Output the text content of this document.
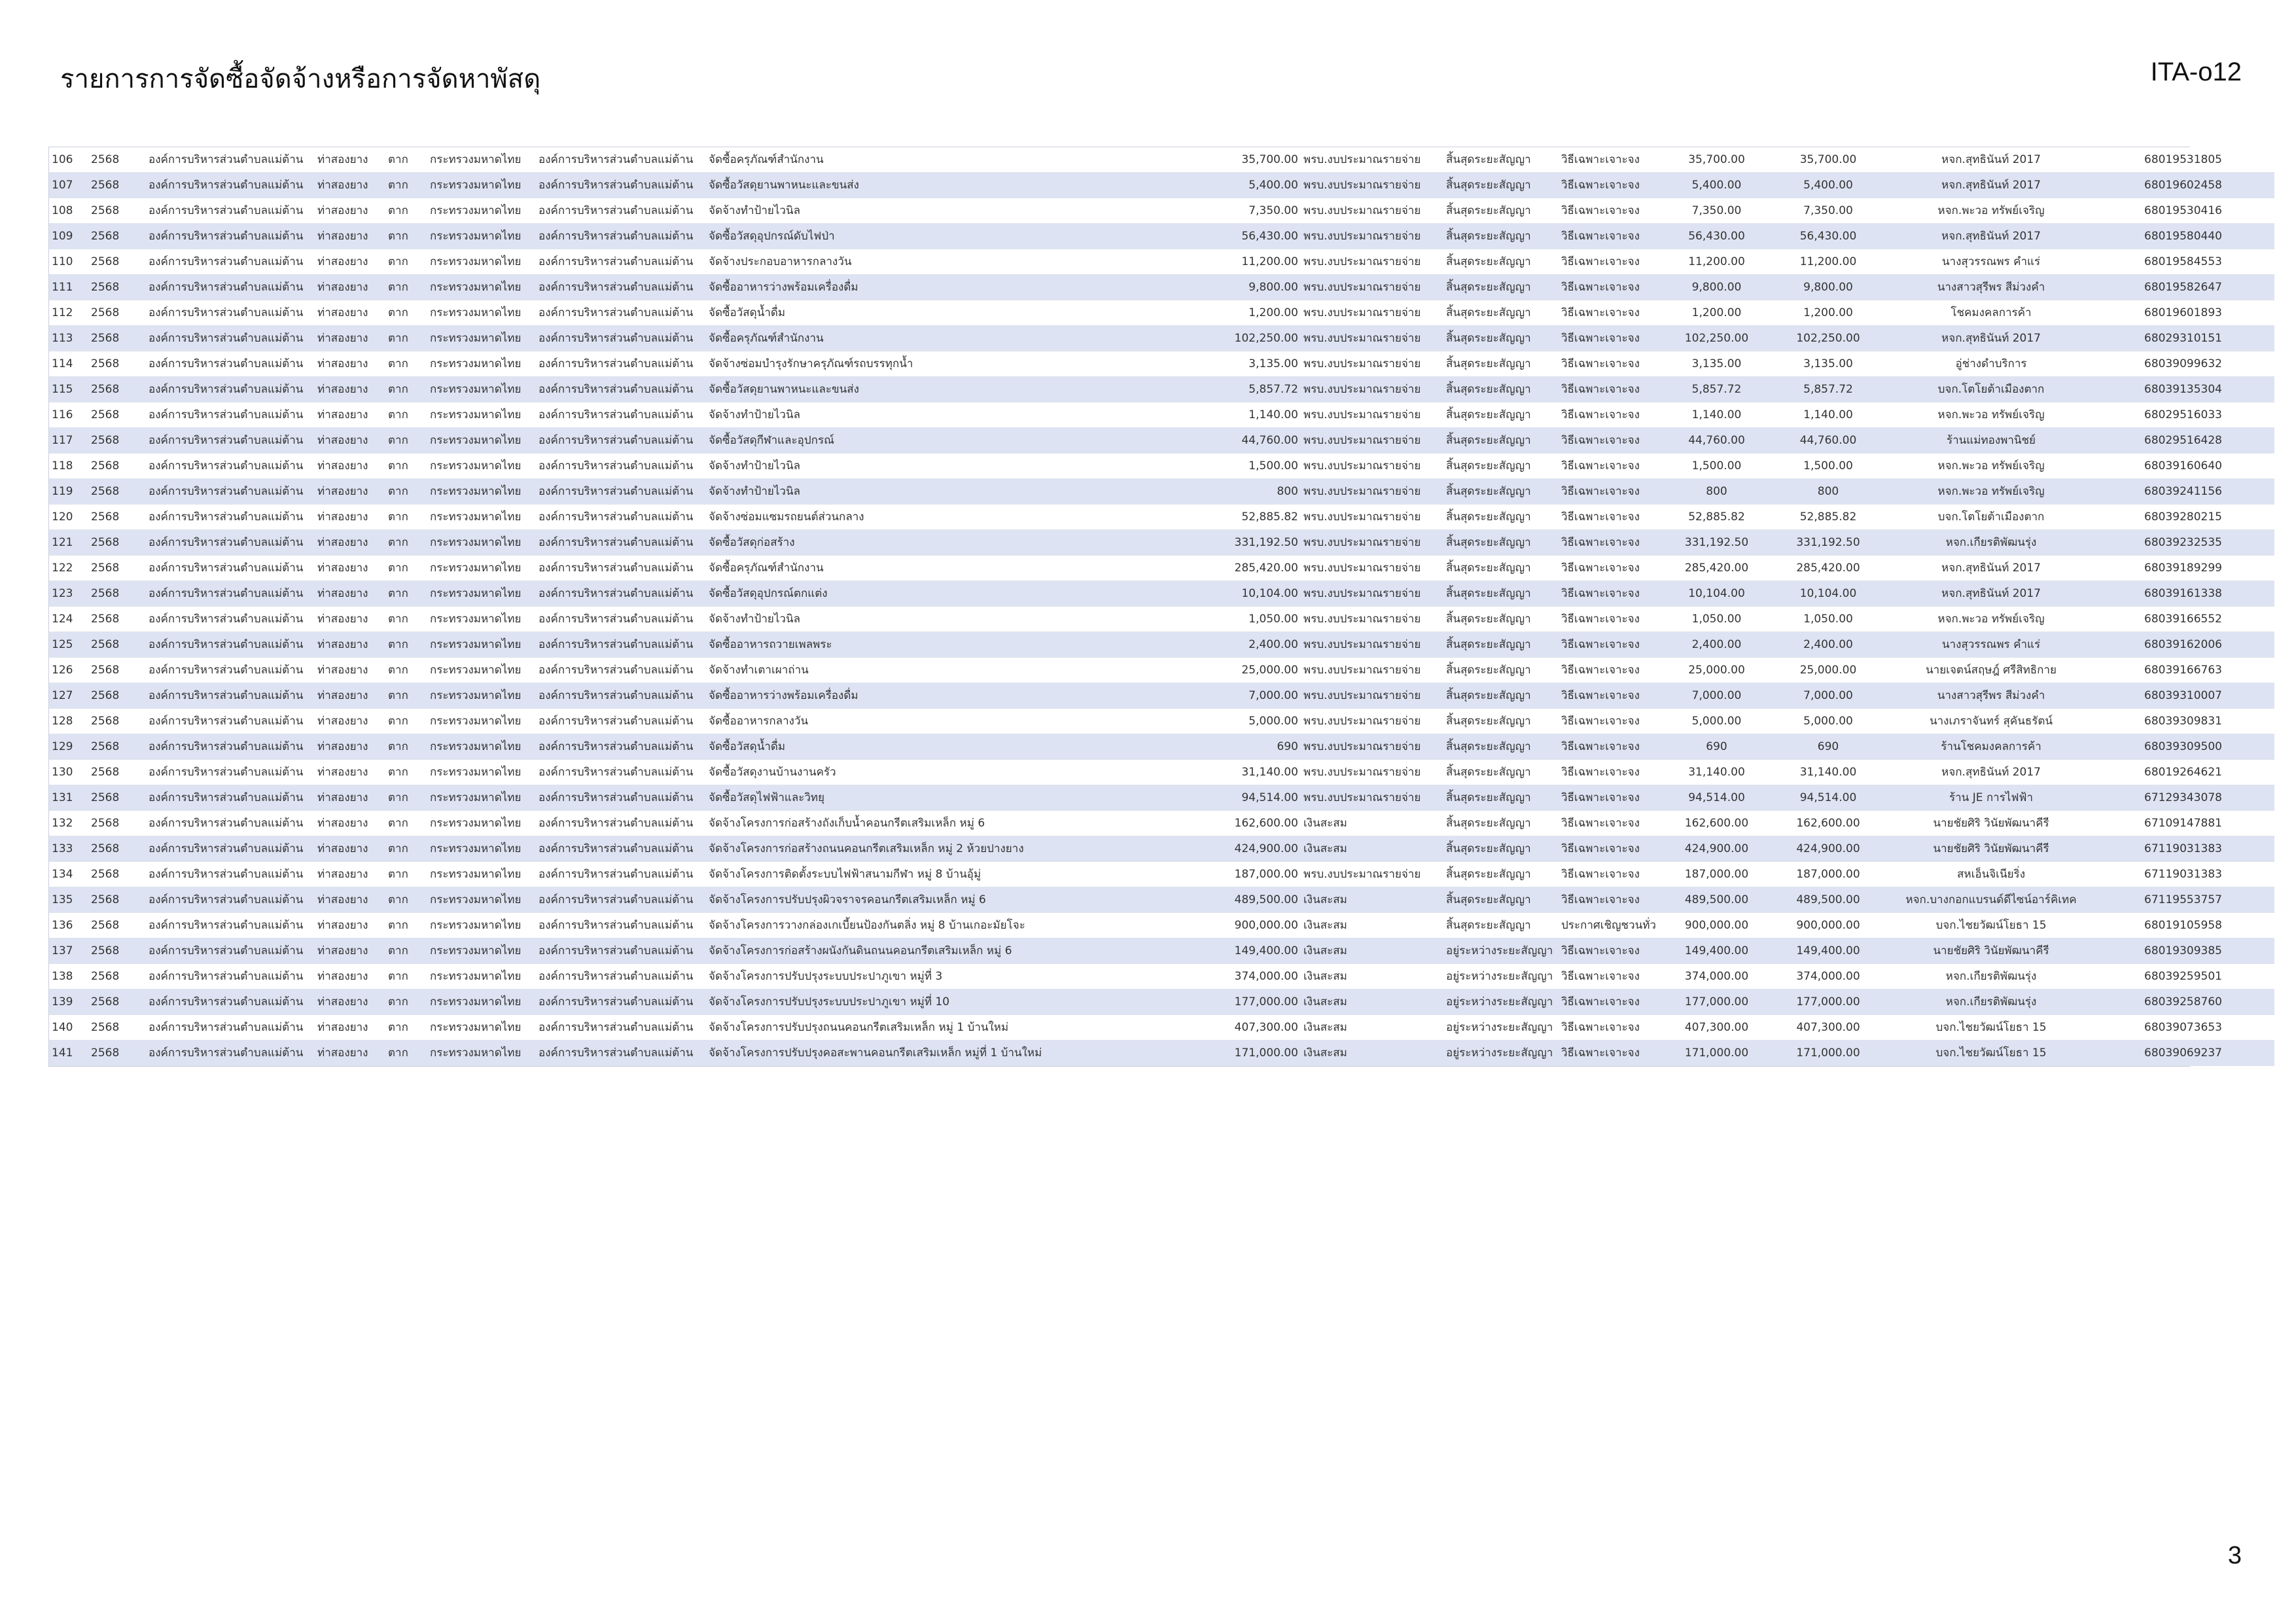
รายการการจัดซื้อจัดจ้างหรือการจัดหาพัสดุ	ITA-o12
106	2568	องค์การบริหารส่วนตำบลแม่ต้าน	ท่าสองยาง	ตาก	กระทรวงมหาดไทย	องค์การบริหารส่วนตำบลแม่ต้าน	จัดซื้อครุภัณฑ์สำนักงาน	35,700.00	พรบ.งบประมาณรายจ่าย	สิ้นสุดระยะสัญญา	วิธีเฉพาะเจาะจง	35,700.00	35,700.00	หจก.สุทธินันท์ 2017	68019531805
107	2568	องค์การบริหารส่วนตำบลแม่ต้าน	ท่าสองยาง	ตาก	กระทรวงมหาดไทย	องค์การบริหารส่วนตำบลแม่ต้าน	จัดซื้อวัสดุยานพาหนะและขนส่ง	5,400.00	พรบ.งบประมาณรายจ่าย	สิ้นสุดระยะสัญญา	วิธีเฉพาะเจาะจง	5,400.00	5,400.00	หจก.สุทธินันท์ 2017	68019602458
108	2568	องค์การบริหารส่วนตำบลแม่ต้าน	ท่าสองยาง	ตาก	กระทรวงมหาดไทย	องค์การบริหารส่วนตำบลแม่ต้าน	จัดจ้างทำป้ายไวนิล	7,350.00	พรบ.งบประมาณรายจ่าย	สิ้นสุดระยะสัญญา	วิธีเฉพาะเจาะจง	7,350.00	7,350.00	หจก.พะวอ ทรัพย์เจริญ	68019530416
109	2568	องค์การบริหารส่วนตำบลแม่ต้าน	ท่าสองยาง	ตาก	กระทรวงมหาดไทย	องค์การบริหารส่วนตำบลแม่ต้าน	จัดซื้อวัสดุอุปกรณ์ดับไฟป่า	56,430.00	พรบ.งบประมาณรายจ่าย	สิ้นสุดระยะสัญญา	วิธีเฉพาะเจาะจง	56,430.00	56,430.00	หจก.สุทธินันท์ 2017	68019580440
110	2568	องค์การบริหารส่วนตำบลแม่ต้าน	ท่าสองยาง	ตาก	กระทรวงมหาดไทย	องค์การบริหารส่วนตำบลแม่ต้าน	จัดจ้างประกอบอาหารกลางวัน	11,200.00	พรบ.งบประมาณรายจ่าย	สิ้นสุดระยะสัญญา	วิธีเฉพาะเจาะจง	11,200.00	11,200.00	นางสุวรรณพร คำแร่	68019584553
111	2568	องค์การบริหารส่วนตำบลแม่ต้าน	ท่าสองยาง	ตาก	กระทรวงมหาดไทย	องค์การบริหารส่วนตำบลแม่ต้าน	จัดซื้ออาหารว่างพร้อมเครื่องดื่ม	9,800.00	พรบ.งบประมาณรายจ่าย	สิ้นสุดระยะสัญญา	วิธีเฉพาะเจาะจง	9,800.00	9,800.00	นางสาวสุรีพร สีม่วงคำ	68019582647
112	2568	องค์การบริหารส่วนตำบลแม่ต้าน	ท่าสองยาง	ตาก	กระทรวงมหาดไทย	องค์การบริหารส่วนตำบลแม่ต้าน	จัดซื้อวัสดุน้ำดื่ม	1,200.00	พรบ.งบประมาณรายจ่าย	สิ้นสุดระยะสัญญา	วิธีเฉพาะเจาะจง	1,200.00	1,200.00	โชคมงคลการค้า	68019601893
113	2568	องค์การบริหารส่วนตำบลแม่ต้าน	ท่าสองยาง	ตาก	กระทรวงมหาดไทย	องค์การบริหารส่วนตำบลแม่ต้าน	จัดซื้อครุภัณฑ์สำนักงาน	102,250.00	พรบ.งบประมาณรายจ่าย	สิ้นสุดระยะสัญญา	วิธีเฉพาะเจาะจง	102,250.00	102,250.00	หจก.สุทธินันท์ 2017	68029310151
114	2568	องค์การบริหารส่วนตำบลแม่ต้าน	ท่าสองยาง	ตาก	กระทรวงมหาดไทย	องค์การบริหารส่วนตำบลแม่ต้าน	จัดจ้างซ่อมบำรุงรักษาครุภัณฑ์รถบรรทุกน้ำ	3,135.00	พรบ.งบประมาณรายจ่าย	สิ้นสุดระยะสัญญา	วิธีเฉพาะเจาะจง	3,135.00	3,135.00	อู่ช่างดำบริการ	68039099632
115	2568	องค์การบริหารส่วนตำบลแม่ต้าน	ท่าสองยาง	ตาก	กระทรวงมหาดไทย	องค์การบริหารส่วนตำบลแม่ต้าน	จัดซื้อวัสดุยานพาหนะและขนส่ง	5,857.72	พรบ.งบประมาณรายจ่าย	สิ้นสุดระยะสัญญา	วิธีเฉพาะเจาะจง	5,857.72	5,857.72	บจก.โตโยต้าเมืองตาก	68039135304
116	2568	องค์การบริหารส่วนตำบลแม่ต้าน	ท่าสองยาง	ตาก	กระทรวงมหาดไทย	องค์การบริหารส่วนตำบลแม่ต้าน	จัดจ้างทำป้ายไวนิล	1,140.00	พรบ.งบประมาณรายจ่าย	สิ้นสุดระยะสัญญา	วิธีเฉพาะเจาะจง	1,140.00	1,140.00	หจก.พะวอ ทรัพย์เจริญ	68029516033
117	2568	องค์การบริหารส่วนตำบลแม่ต้าน	ท่าสองยาง	ตาก	กระทรวงมหาดไทย	องค์การบริหารส่วนตำบลแม่ต้าน	จัดซื้อวัสดุกีฬาและอุปกรณ์	44,760.00	พรบ.งบประมาณรายจ่าย	สิ้นสุดระยะสัญญา	วิธีเฉพาะเจาะจง	44,760.00	44,760.00	ร้านแม่ทองพานิชย์	68029516428
118	2568	องค์การบริหารส่วนตำบลแม่ต้าน	ท่าสองยาง	ตาก	กระทรวงมหาดไทย	องค์การบริหารส่วนตำบลแม่ต้าน	จัดจ้างทำป้ายไวนิล	1,500.00	พรบ.งบประมาณรายจ่าย	สิ้นสุดระยะสัญญา	วิธีเฉพาะเจาะจง	1,500.00	1,500.00	หจก.พะวอ ทรัพย์เจริญ	68039160640
119	2568	องค์การบริหารส่วนตำบลแม่ต้าน	ท่าสองยาง	ตาก	กระทรวงมหาดไทย	องค์การบริหารส่วนตำบลแม่ต้าน	จัดจ้างทำป้ายไวนิล	800	พรบ.งบประมาณรายจ่าย	สิ้นสุดระยะสัญญา	วิธีเฉพาะเจาะจง	800	800	หจก.พะวอ ทรัพย์เจริญ	68039241156
120	2568	องค์การบริหารส่วนตำบลแม่ต้าน	ท่าสองยาง	ตาก	กระทรวงมหาดไทย	องค์การบริหารส่วนตำบลแม่ต้าน	จัดจ้างซ่อมแซมรถยนต์ส่วนกลาง	52,885.82	พรบ.งบประมาณรายจ่าย	สิ้นสุดระยะสัญญา	วิธีเฉพาะเจาะจง	52,885.82	52,885.82	บจก.โตโยต้าเมืองตาก	68039280215
121	2568	องค์การบริหารส่วนตำบลแม่ต้าน	ท่าสองยาง	ตาก	กระทรวงมหาดไทย	องค์การบริหารส่วนตำบลแม่ต้าน	จัดซื้อวัสดุก่อสร้าง	331,192.50	พรบ.งบประมาณรายจ่าย	สิ้นสุดระยะสัญญา	วิธีเฉพาะเจาะจง	331,192.50	331,192.50	หจก.เกียรติพัฒนรุ่ง	68039232535
122	2568	องค์การบริหารส่วนตำบลแม่ต้าน	ท่าสองยาง	ตาก	กระทรวงมหาดไทย	องค์การบริหารส่วนตำบลแม่ต้าน	จัดซื้อครุภัณฑ์สำนักงาน	285,420.00	พรบ.งบประมาณรายจ่าย	สิ้นสุดระยะสัญญา	วิธีเฉพาะเจาะจง	285,420.00	285,420.00	หจก.สุทธินันท์ 2017	68039189299
123	2568	องค์การบริหารส่วนตำบลแม่ต้าน	ท่าสองยาง	ตาก	กระทรวงมหาดไทย	องค์การบริหารส่วนตำบลแม่ต้าน	จัดซื้อวัสดุอุปกรณ์ตกแต่ง	10,104.00	พรบ.งบประมาณรายจ่าย	สิ้นสุดระยะสัญญา	วิธีเฉพาะเจาะจง	10,104.00	10,104.00	หจก.สุทธินันท์ 2017	68039161338
124	2568	องค์การบริหารส่วนตำบลแม่ต้าน	ท่าสองยาง	ตาก	กระทรวงมหาดไทย	องค์การบริหารส่วนตำบลแม่ต้าน	จัดจ้างทำป้ายไวนิล	1,050.00	พรบ.งบประมาณรายจ่าย	สิ้นสุดระยะสัญญา	วิธีเฉพาะเจาะจง	1,050.00	1,050.00	หจก.พะวอ ทรัพย์เจริญ	68039166552
125	2568	องค์การบริหารส่วนตำบลแม่ต้าน	ท่าสองยาง	ตาก	กระทรวงมหาดไทย	องค์การบริหารส่วนตำบลแม่ต้าน	จัดซื้ออาหารถวายเพลพระ	2,400.00	พรบ.งบประมาณรายจ่าย	สิ้นสุดระยะสัญญา	วิธีเฉพาะเจาะจง	2,400.00	2,400.00	นางสุวรรณพร คำแร่	68039162006
126	2568	องค์การบริหารส่วนตำบลแม่ต้าน	ท่าสองยาง	ตาก	กระทรวงมหาดไทย	องค์การบริหารส่วนตำบลแม่ต้าน	จัดจ้างทำเตาเผาถ่าน	25,000.00	พรบ.งบประมาณรายจ่าย	สิ้นสุดระยะสัญญา	วิธีเฉพาะเจาะจง	25,000.00	25,000.00	นายเจตน์สฤษฎ์ ศรีสิทธิกาย	68039166763
127	2568	องค์การบริหารส่วนตำบลแม่ต้าน	ท่าสองยาง	ตาก	กระทรวงมหาดไทย	องค์การบริหารส่วนตำบลแม่ต้าน	จัดซื้ออาหารว่างพร้อมเครื่องดื่ม	7,000.00	พรบ.งบประมาณรายจ่าย	สิ้นสุดระยะสัญญา	วิธีเฉพาะเจาะจง	7,000.00	7,000.00	นางสาวสุรีพร สีม่วงคำ	68039310007
128	2568	องค์การบริหารส่วนตำบลแม่ต้าน	ท่าสองยาง	ตาก	กระทรวงมหาดไทย	องค์การบริหารส่วนตำบลแม่ต้าน	จัดซื้ออาหารกลางวัน	5,000.00	พรบ.งบประมาณรายจ่าย	สิ้นสุดระยะสัญญา	วิธีเฉพาะเจาะจง	5,000.00	5,000.00	นางเภราจันทร์ สุคันธรัตน์	68039309831
129	2568	องค์การบริหารส่วนตำบลแม่ต้าน	ท่าสองยาง	ตาก	กระทรวงมหาดไทย	องค์การบริหารส่วนตำบลแม่ต้าน	จัดซื้อวัสดุน้ำดื่ม	690	พรบ.งบประมาณรายจ่าย	สิ้นสุดระยะสัญญา	วิธีเฉพาะเจาะจง	690	690	ร้านโชคมงคลการค้า	68039309500
130	2568	องค์การบริหารส่วนตำบลแม่ต้าน	ท่าสองยาง	ตาก	กระทรวงมหาดไทย	องค์การบริหารส่วนตำบลแม่ต้าน	จัดซื้อวัสดุงานบ้านงานครัว	31,140.00	พรบ.งบประมาณรายจ่าย	สิ้นสุดระยะสัญญา	วิธีเฉพาะเจาะจง	31,140.00	31,140.00	หจก.สุทธินันท์ 2017	68019264621
131	2568	องค์การบริหารส่วนตำบลแม่ต้าน	ท่าสองยาง	ตาก	กระทรวงมหาดไทย	องค์การบริหารส่วนตำบลแม่ต้าน	จัดซื้อวัสดุไฟฟ้าและวิทยุ	94,514.00	พรบ.งบประมาณรายจ่าย	สิ้นสุดระยะสัญญา	วิธีเฉพาะเจาะจง	94,514.00	94,514.00	ร้าน JE การไฟฟ้า	67129343078
132	2568	องค์การบริหารส่วนตำบลแม่ต้าน	ท่าสองยาง	ตาก	กระทรวงมหาดไทย	องค์การบริหารส่วนตำบลแม่ต้าน	จัดจ้างโครงการก่อสร้างถังเก็บน้ำคอนกรีตเสริมเหล็ก หมู่ 6	162,600.00	เงินสะสม	สิ้นสุดระยะสัญญา	วิธีเฉพาะเจาะจง	162,600.00	162,600.00	นายชัยศิริ วินัยพัฒนาคีรี	67109147881
133	2568	องค์การบริหารส่วนตำบลแม่ต้าน	ท่าสองยาง	ตาก	กระทรวงมหาดไทย	องค์การบริหารส่วนตำบลแม่ต้าน	จัดจ้างโครงการก่อสร้างถนนคอนกรีตเสริมเหล็ก หมู่ 2 ห้วยปางยาง	424,900.00	เงินสะสม	สิ้นสุดระยะสัญญา	วิธีเฉพาะเจาะจง	424,900.00	424,900.00	นายชัยศิริ วินัยพัฒนาคีรี	67119031383
134	2568	องค์การบริหารส่วนตำบลแม่ต้าน	ท่าสองยาง	ตาก	กระทรวงมหาดไทย	องค์การบริหารส่วนตำบลแม่ต้าน	จัดจ้างโครงการติดตั้งระบบไฟฟ้าสนามกีฬา หมู่ 8 บ้านอุ้มู่	187,000.00	พรบ.งบประมาณรายจ่าย	สิ้นสุดระยะสัญญา	วิธีเฉพาะเจาะจง	187,000.00	187,000.00	สหเอ็นจิเนียริ่ง	67119031383
135	2568	องค์การบริหารส่วนตำบลแม่ต้าน	ท่าสองยาง	ตาก	กระทรวงมหาดไทย	องค์การบริหารส่วนตำบลแม่ต้าน	จัดจ้างโครงการปรับปรุงผิวจราจรคอนกรีตเสริมเหล็ก หมู่ 6	489,500.00	เงินสะสม	สิ้นสุดระยะสัญญา	วิธีเฉพาะเจาะจง	489,500.00	489,500.00	หจก.บางกอกแบรนด์ดีไซน์อาร์คิเทค	67119553757
136	2568	องค์การบริหารส่วนตำบลแม่ต้าน	ท่าสองยาง	ตาก	กระทรวงมหาดไทย	องค์การบริหารส่วนตำบลแม่ต้าน	จัดจ้างโครงการวางกล่องเกเบี้ยนป้องกันตลิ่ง หมู่ 8 บ้านเกอะมัยโจะ	900,000.00	เงินสะสม	สิ้นสุดระยะสัญญา	ประกาศเชิญชวนทั่ว	900,000.00	900,000.00	บจก.ไชยวัฒน์โยธา 15	68019105958
137	2568	องค์การบริหารส่วนตำบลแม่ต้าน	ท่าสองยาง	ตาก	กระทรวงมหาดไทย	องค์การบริหารส่วนตำบลแม่ต้าน	จัดจ้างโครงการก่อสร้างผนังกันดินถนนคอนกรีตเสริมเหล็ก หมู่ 6	149,400.00	เงินสะสม	อยู่ระหว่างระยะสัญญา	วิธีเฉพาะเจาะจง	149,400.00	149,400.00	นายชัยศิริ วินัยพัฒนาคีรี	68019309385
138	2568	องค์การบริหารส่วนตำบลแม่ต้าน	ท่าสองยาง	ตาก	กระทรวงมหาดไทย	องค์การบริหารส่วนตำบลแม่ต้าน	จัดจ้างโครงการปรับปรุงระบบประปาภูเขา หมู่ที่ 3	374,000.00	เงินสะสม	อยู่ระหว่างระยะสัญญา	วิธีเฉพาะเจาะจง	374,000.00	374,000.00	หจก.เกียรติพัฒนรุ่ง	68039259501
139	2568	องค์การบริหารส่วนตำบลแม่ต้าน	ท่าสองยาง	ตาก	กระทรวงมหาดไทย	องค์การบริหารส่วนตำบลแม่ต้าน	จัดจ้างโครงการปรับปรุงระบบประปาภูเขา หมู่ที่ 10	177,000.00	เงินสะสม	อยู่ระหว่างระยะสัญญา	วิธีเฉพาะเจาะจง	177,000.00	177,000.00	หจก.เกียรติพัฒนรุ่ง	68039258760
140	2568	องค์การบริหารส่วนตำบลแม่ต้าน	ท่าสองยาง	ตาก	กระทรวงมหาดไทย	องค์การบริหารส่วนตำบลแม่ต้าน	จัดจ้างโครงการปรับปรุงถนนคอนกรีตเสริมเหล็ก หมู่ 1 บ้านใหม่	407,300.00	เงินสะสม	อยู่ระหว่างระยะสัญญา	วิธีเฉพาะเจาะจง	407,300.00	407,300.00	บจก.ไชยวัฒน์โยธา 15	68039073653
141	2568	องค์การบริหารส่วนตำบลแม่ต้าน	ท่าสองยาง	ตาก	กระทรวงมหาดไทย	องค์การบริหารส่วนตำบลแม่ต้าน	จัดจ้างโครงการปรับปรุงคอสะพานคอนกรีตเสริมเหล็ก หมู่ที่ 1 บ้านใหม่	171,000.00	เงินสะสม	อยู่ระหว่างระยะสัญญา	วิธีเฉพาะเจาะจง	171,000.00	171,000.00	บจก.ไชยวัฒน์โยธา 15	68039069237
3
